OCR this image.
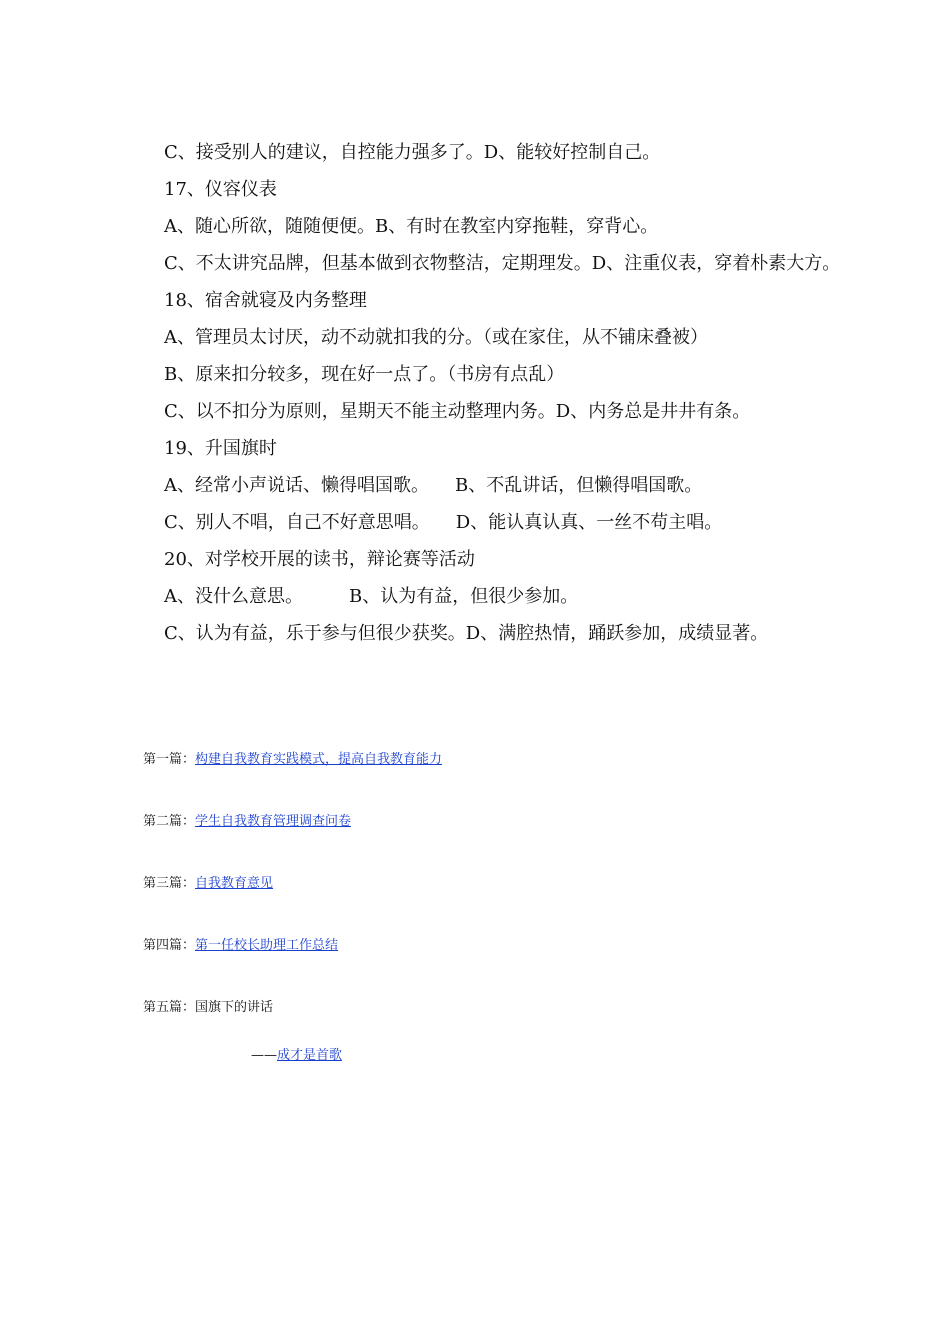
C、接受别人的建议，自控能力强多了。D、能较好控制自己。
17、仪容仪表
A、随心所欲，随随便便。B、有时在教室内穿拖鞋，穿背心。
C、不太讲究品牌，但基本做到衣物整洁，定期理发。D、注重仪表，穿着朴素大方。
18、宿舍就寝及内务整理
A、管理员太讨厌，动不动就扣我的分。（或在家住，从不铺床叠被）
B、原来扣分较多，现在好一点了。（书房有点乱）
C、以不扣分为原则，星期天不能主动整理内务。D、内务总是井井有条。
19、升国旗时
A、经常小声说话、懒得唱国歌。 B、不乱讲话，但懒得唱国歌。
C、别人不唱，自己不好意思唱。 D、能认真认真、一丝不苟主唱。
20、对学校开展的读书，辩论赛等活动
A、没什么意思。	B、认为有益，但很少参加。
C、认为有益，乐于参与但很少获奖。D、满腔热情，踊跃参加，成绩显著。
第一篇：构建自我教育实践模式，提高自我教育能力
第二篇：学生自我教育管理调查问卷
第三篇：自我教育意见
第四篇：第一任校长助理工作总结
第五篇：国旗下的讲话
——成才是首歌
